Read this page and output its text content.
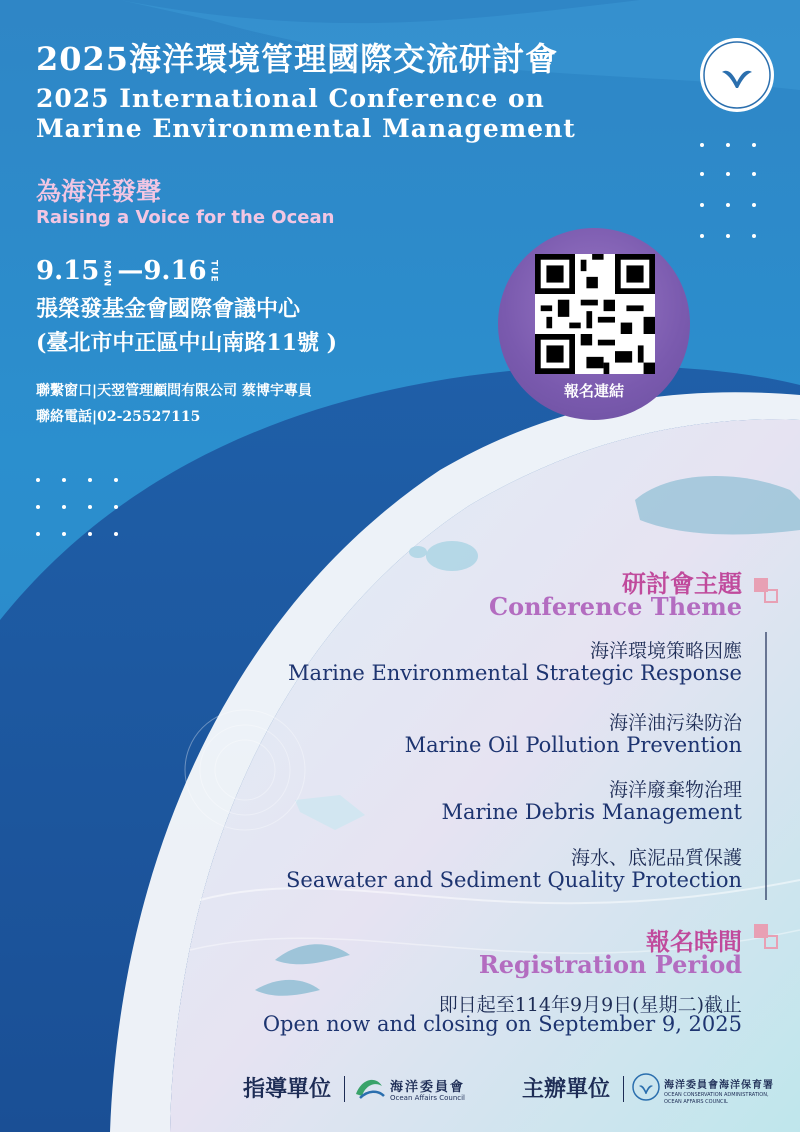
2025海洋環境管理國際交流研討會
2025 International Conference on
Marine Environmental Management
為海洋發聲
Raising a Voice for the Ocean
9.15 MON — 9.16 TUE
張榮發基金會國際會議中心
(臺北市中正區中山南路11號 )
聯繫窗口|天翌管理顧問有限公司 蔡博宇專員
聯絡電話|02-25527115
報名連結
研討會主題
Conference Theme
海洋環境策略因應
Marine Environmental Strategic Response
海洋油污染防治
Marine Oil Pollution Prevention
海洋廢棄物治理
Marine Debris Management
海水、底泥品質保護
Seawater and Sediment Quality Protection
報名時間
Registration Period
即日起至114年9月9日(星期二)截止
Open now and closing on September 9, 2025
指導單位	海洋委員會
Ocean Affairs Council	主辦單位	海洋委員會海洋保育署
OCEAN CONSERVATION ADMINISTRATION,
OCEAN AFFAIRS COUNCIL
